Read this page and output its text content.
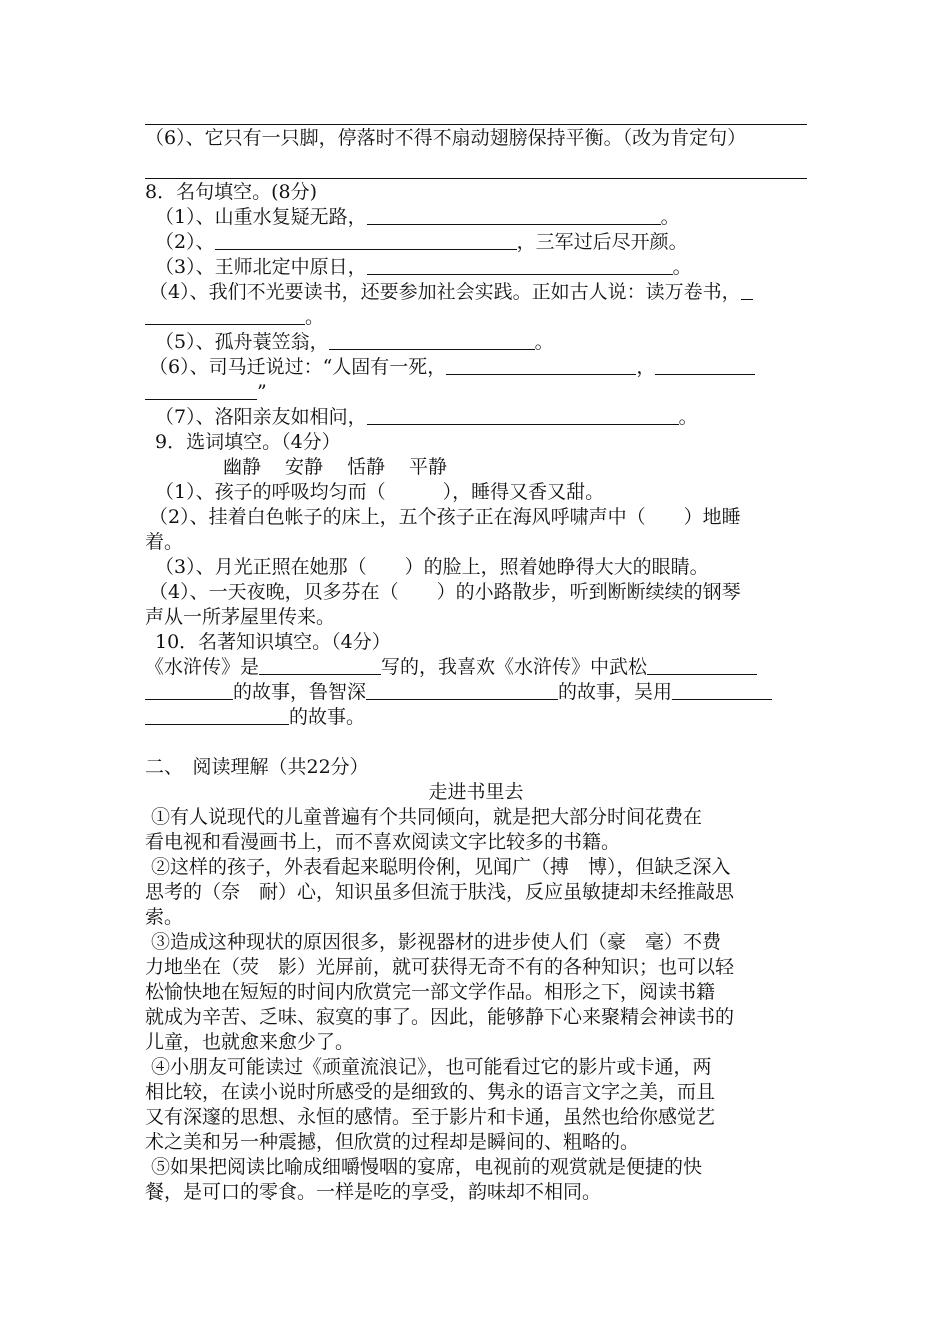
（6）、它只有一只脚，停落时不得不扇动翅膀保持平衡。（改为肯定句）
8．名句填空。(8分)
（1）、山重水复疑无路，	。
（2）、	，三军过后尽开颜。
（3）、王师北定中原日，	。
（4）、我们不光要读书，还要参加社会实践。正如古人说：读万卷书，
。
（5）、孤舟蓑笠翁，	。
（6）、司马迁说过：“人固有一死，	，
”
（7）、洛阳亲友如相问，	。
9．选词填空。（4分）
幽静 安静 恬静 平静
（1）、孩子的呼吸均匀而（　　　），睡得又香又甜。
（2）、挂着白色帐子的床上，五个孩子正在海风呼啸声中（　　）地睡
着。
（3）、月光正照在她那（　　）的脸上，照着她睁得大大的眼睛。
（4）、一天夜晚，贝多芬在（　　）的小路散步，听到断断续续的钢琴
声从一所茅屋里传来。
10．名著知识填空。（4分）
《水浒传》是	写的，我喜欢《水浒传》中武松
的故事，鲁智深	的故事，吴用
的故事。
二、　阅读理解（共22分）
走进书里去
①有人说现代的儿童普遍有个共同倾向，就是把大部分时间花费在
看电视和看漫画书上，而不喜欢阅读文字比较多的书籍。
②这样的孩子，外表看起来聪明伶俐，见闻广（搏　博），但缺乏深入
思考的（奈　耐）心，知识虽多但流于肤浅，反应虽敏捷却未经推敲思
索。
③造成这种现状的原因很多，影视器材的进步使人们（豪　毫）不费
力地坐在（荧　影）光屏前，就可获得无奇不有的各种知识；也可以轻
松愉快地在短短的时间内欣赏完一部文学作品。相形之下，阅读书籍
就成为辛苦、乏味、寂寞的事了。因此，能够静下心来聚精会神读书的
儿童，也就愈来愈少了。
④小朋友可能读过《顽童流浪记》，也可能看过它的影片或卡通，两
相比较，在读小说时所感受的是细致的、隽永的语言文字之美，而且
又有深邃的思想、永恒的感情。至于影片和卡通，虽然也给你感觉艺
术之美和另一种震撼，但欣赏的过程却是瞬间的、粗略的。
⑤如果把阅读比喻成细嚼慢咽的宴席，电视前的观赏就是便捷的快
餐，是可口的零食。一样是吃的享受，韵味却不相同。
